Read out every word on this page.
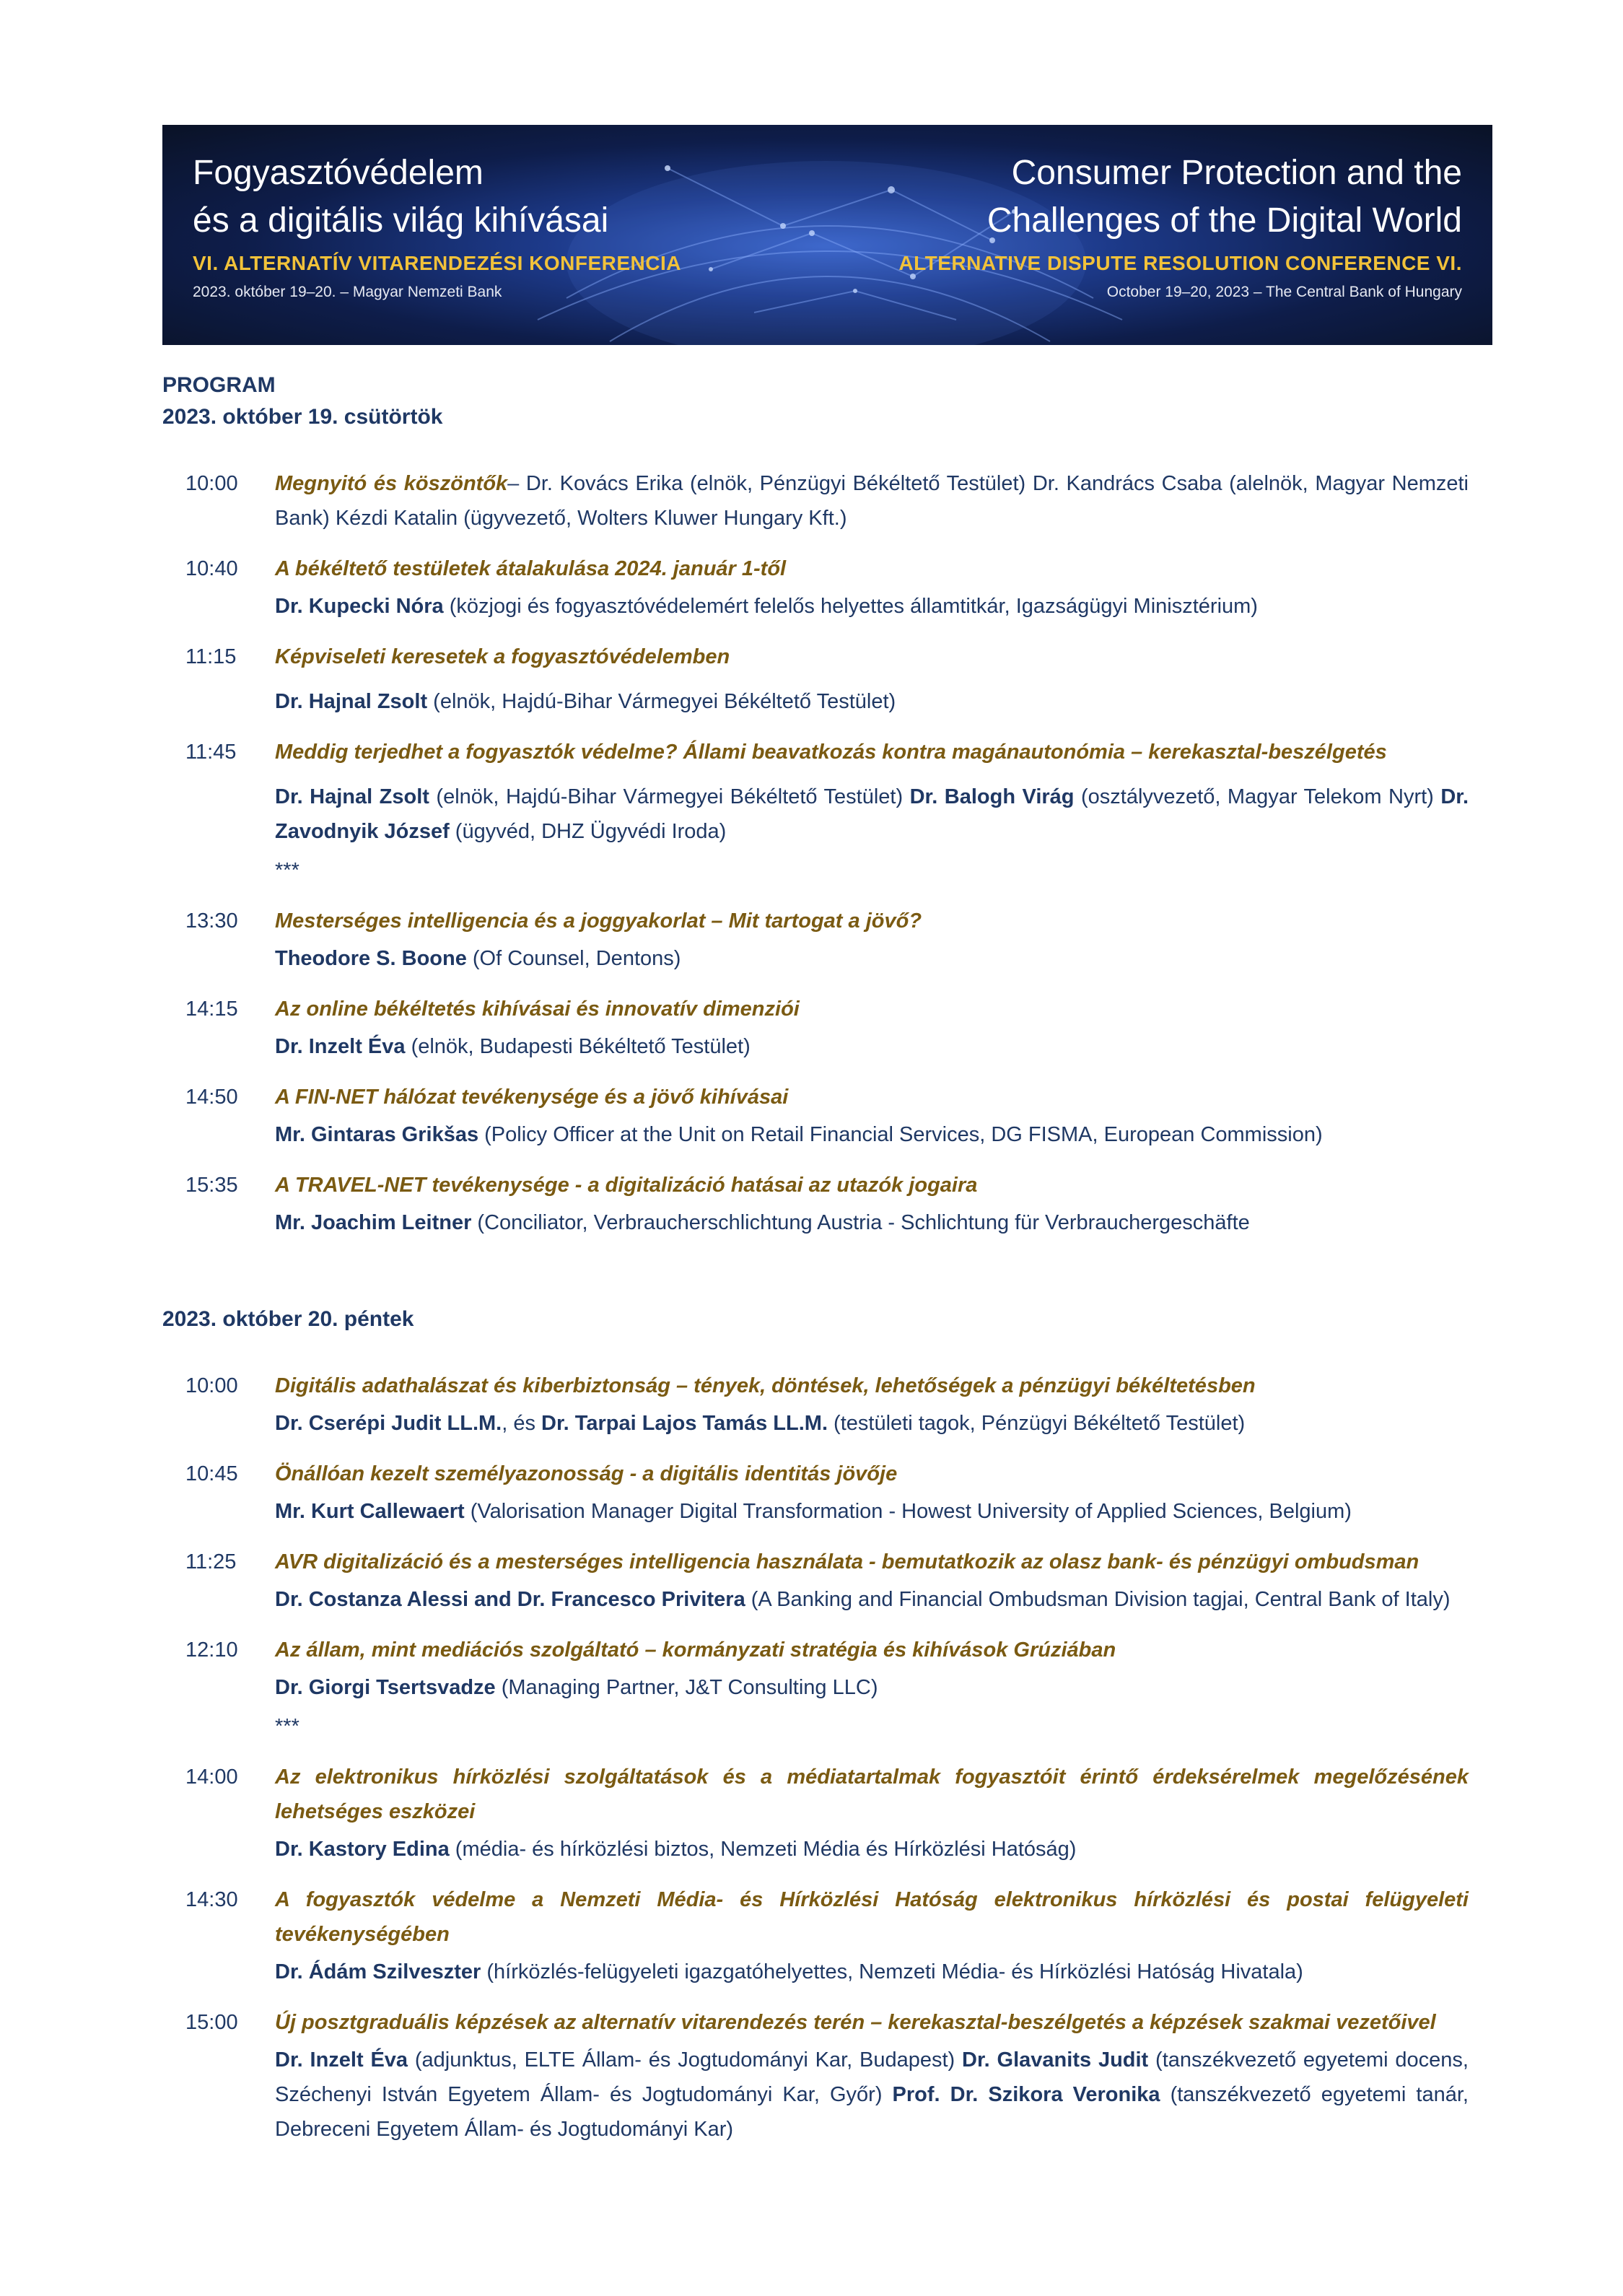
Fogyasztóvédelem
és a digitális világ kihívásai
VI. ALTERNATÍV VITARENDEZÉSI KONFERENCIA
2023. október 19–20. – Magyar Nemzeti Bank
Consumer Protection and the
Challenges of the Digital World
ALTERNATIVE DISPUTE RESOLUTION CONFERENCE VI.
October 19–20, 2023 – The Central Bank of Hungary
PROGRAM
2023. október 19. csütörtök
10:00 Megnyitó és köszöntők– Dr. Kovács Erika (elnök, Pénzügyi Békéltető Testület) Dr. Kandrács Csaba (alelnök, Magyar Nemzeti Bank) Kézdi Katalin (ügyvezető, Wolters Kluwer Hungary Kft.)
10:40 A békéltető testületek átalakulása 2024. január 1-től
Dr. Kupecki Nóra (közjogi és fogyasztóvédelemért felelős helyettes államtitkár, Igazságügyi Minisztérium)
11:15 Képviseleti keresetek a fogyasztóvédelemben
Dr. Hajnal Zsolt (elnök, Hajdú-Bihar Vármegyei Békéltető Testület)
11:45 Meddig terjedhet a fogyasztók védelme? Állami beavatkozás kontra magánautonómia – kerekasztal-beszélgetés
Dr. Hajnal Zsolt (elnök, Hajdú-Bihar Vármegyei Békéltető Testület) Dr. Balogh Virág (osztályvezető, Magyar Telekom Nyrt) Dr. Zavodnyik József (ügyvéd, DHZ Ügyvédi Iroda)
***
13:30 Mesterséges intelligencia és a joggyakorlat – Mit tartogat a jövő?
Theodore S. Boone (Of Counsel, Dentons)
14:15 Az online békéltetés kihívásai és innovatív dimenziói
Dr. Inzelt Éva (elnök, Budapesti Békéltető Testület)
14:50 A FIN-NET hálózat tevékenysége és a jövő kihívásai
Mr. Gintaras Grikšas (Policy Officer at the Unit on Retail Financial Services, DG FISMA, European Commission)
15:35 A TRAVEL-NET tevékenysége - a digitalizáció hatásai az utazók jogaira
Mr. Joachim Leitner (Conciliator, Verbraucherschlichtung Austria - Schlichtung für Verbrauchergeschäfte
2023. október 20. péntek
10:00 Digitális adathalászat és kiberbiztonság – tények, döntések, lehetőségek a pénzügyi békéltetésben
Dr. Cserépi Judit LL.M., és Dr. Tarpai Lajos Tamás LL.M. (testületi tagok, Pénzügyi Békéltető Testület)
10:45 Önállóan kezelt személyazonosság - a digitális identitás jövője
Mr. Kurt Callewaert (Valorisation Manager Digital Transformation - Howest University of Applied Sciences, Belgium)
11:25 AVR digitalizáció és a mesterséges intelligencia használata - bemutatkozik az olasz bank- és pénzügyi ombudsman
Dr. Costanza Alessi and Dr. Francesco Privitera (A Banking and Financial Ombudsman Division tagjai, Central Bank of Italy)
12:10 Az állam, mint mediációs szolgáltató – kormányzati stratégia és kihívások Grúziában
Dr. Giorgi Tsertsvadze (Managing Partner, J&T Consulting LLC)
***
14:00 Az elektronikus hírközlési szolgáltatások és a médiatartalmak fogyasztóit érintő érdeksérelmek megelőzésének lehetséges eszközei
Dr. Kastory Edina (média- és hírközlési biztos, Nemzeti Média és Hírközlési Hatóság)
14:30 A fogyasztók védelme a Nemzeti Média- és Hírközlési Hatóság elektronikus hírközlési és postai felügyeleti tevékenységében
Dr. Ádám Szilveszter (hírközlés-felügyeleti igazgatóhelyettes, Nemzeti Média- és Hírközlési Hatóság Hivatala)
15:00 Új posztgraduális képzések az alternatív vitarendezés terén – kerekasztal-beszélgetés a képzések szakmai vezetőivel
Dr. Inzelt Éva (adjunktus, ELTE Állam- és Jogtudományi Kar, Budapest) Dr. Glavanits Judit (tanszékvezető egyetemi docens, Széchenyi István Egyetem Állam- és Jogtudományi Kar, Győr) Prof. Dr. Szikora Veronika (tanszékvezető egyetemi tanár, Debreceni Egyetem Állam- és Jogtudományi Kar)
